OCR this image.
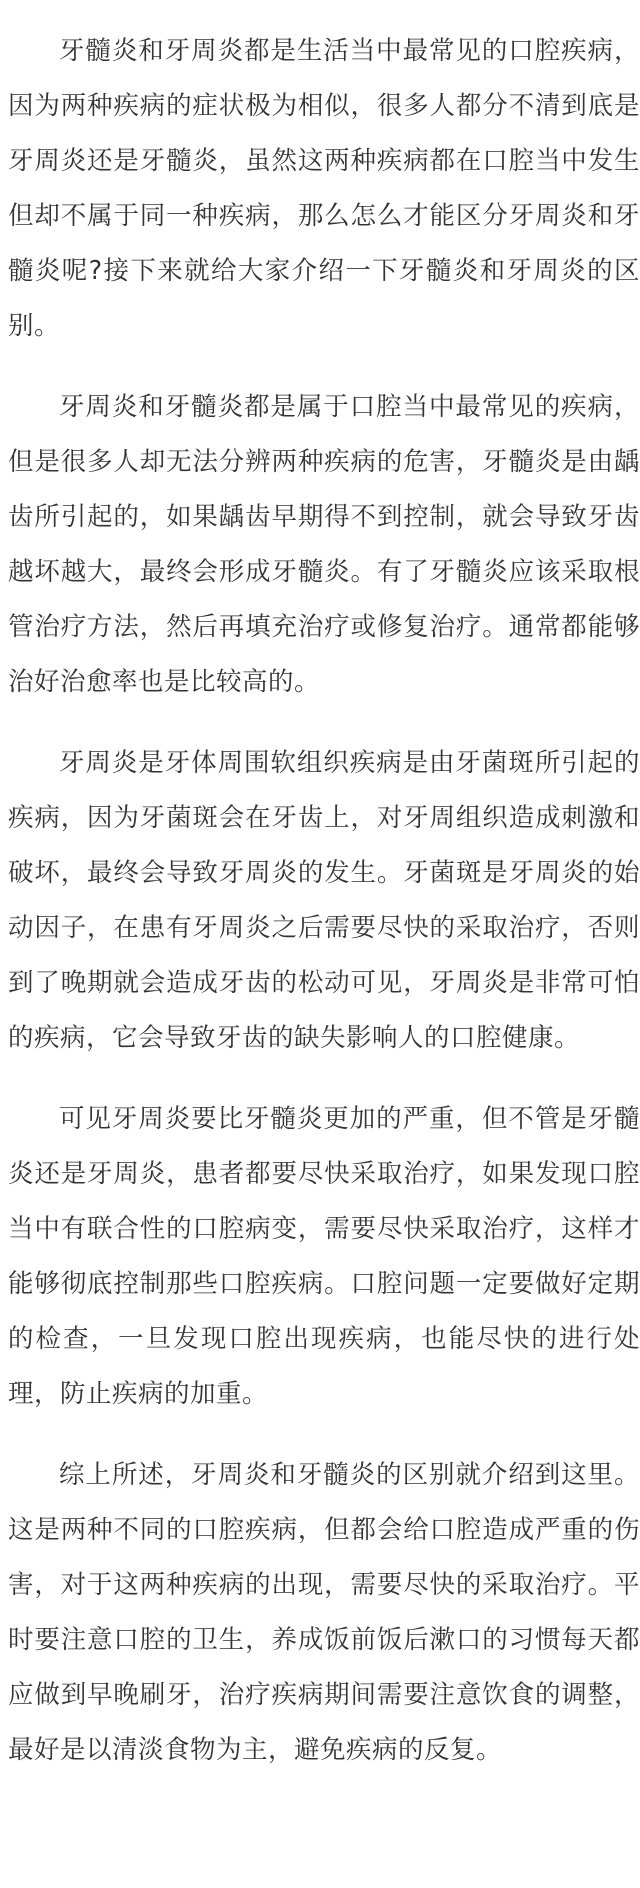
牙髓炎和牙周炎都是生活当中最常见的口腔疾病，因为两种疾病的症状极为相似，很多人都分不清到底是牙周炎还是牙髓炎，虽然这两种疾病都在口腔当中发生但却不属于同一种疾病，那么怎么才能区分牙周炎和牙髓炎呢?接下来就给大家介绍一下牙髓炎和牙周炎的区别。

牙周炎和牙髓炎都是属于口腔当中最常见的疾病，但是很多人却无法分辨两种疾病的危害，牙髓炎是由龋齿所引起的，如果龋齿早期得不到控制，就会导致牙齿越坏越大，最终会形成牙髓炎。有了牙髓炎应该采取根管治疗方法，然后再填充治疗或修复治疗。通常都能够治好治愈率也是比较高的。

牙周炎是牙体周围软组织疾病是由牙菌斑所引起的疾病，因为牙菌斑会在牙齿上，对牙周组织造成刺激和破坏，最终会导致牙周炎的发生。牙菌斑是牙周炎的始动因子，在患有牙周炎之后需要尽快的采取治疗，否则到了晚期就会造成牙齿的松动可见，牙周炎是非常可怕的疾病，它会导致牙齿的缺失影响人的口腔健康。

可见牙周炎要比牙髓炎更加的严重，但不管是牙髓炎还是牙周炎，患者都要尽快采取治疗，如果发现口腔当中有联合性的口腔病变，需要尽快采取治疗，这样才能够彻底控制那些口腔疾病。口腔问题一定要做好定期的检查，一旦发现口腔出现疾病，也能尽快的进行处理，防止疾病的加重。

综上所述，牙周炎和牙髓炎的区别就介绍到这里。这是两种不同的口腔疾病，但都会给口腔造成严重的伤害，对于这两种疾病的出现，需要尽快的采取治疗。平时要注意口腔的卫生，养成饭前饭后漱口的习惯每天都应做到早晚刷牙，治疗疾病期间需要注意饮食的调整，最好是以清淡食物为主，避免疾病的反复。
